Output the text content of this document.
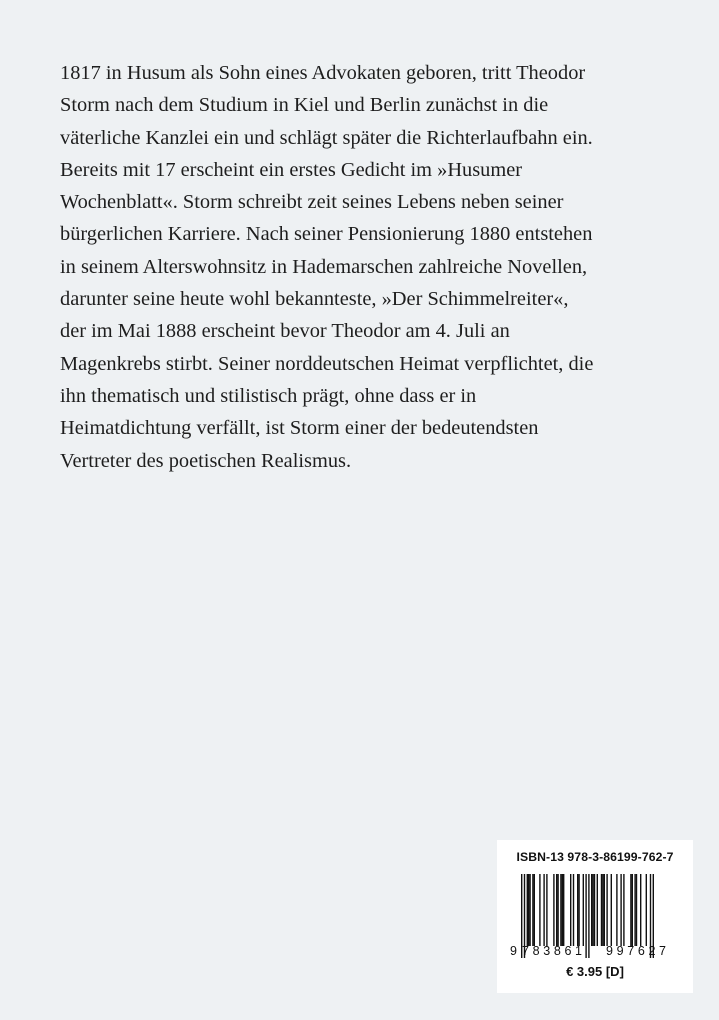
1817 in Husum als Sohn eines Advokaten geboren, tritt Theodor
Storm nach dem Studium in Kiel und Berlin zunächst in die
väterliche Kanzlei ein und schlägt später die Richterlaufbahn ein.
Bereits mit 17 erscheint ein erstes Gedicht im »Husumer
Wochenblatt«. Storm schreibt zeit seines Lebens neben seiner
bürgerlichen Karriere. Nach seiner Pensionierung 1880 entstehen
in seinem Alterswohnsitz in Hademarschen zahlreiche Novellen,
darunter seine heute wohl bekannteste, »Der Schimmelreiter«,
der im Mai 1888 erscheint bevor Theodor am 4. Juli an
Magenkrebs stirbt. Seiner norddeutschen Heimat verpflichtet, die
ihn thematisch und stilistisch prägt, ohne dass er in
Heimatdichtung verfällt, ist Storm einer der bedeutendsten
Vertreter des poetischen Realismus.
ISBN-13 978-3-86199-762-7
9 783861 997627
€ 3.95 [D]
